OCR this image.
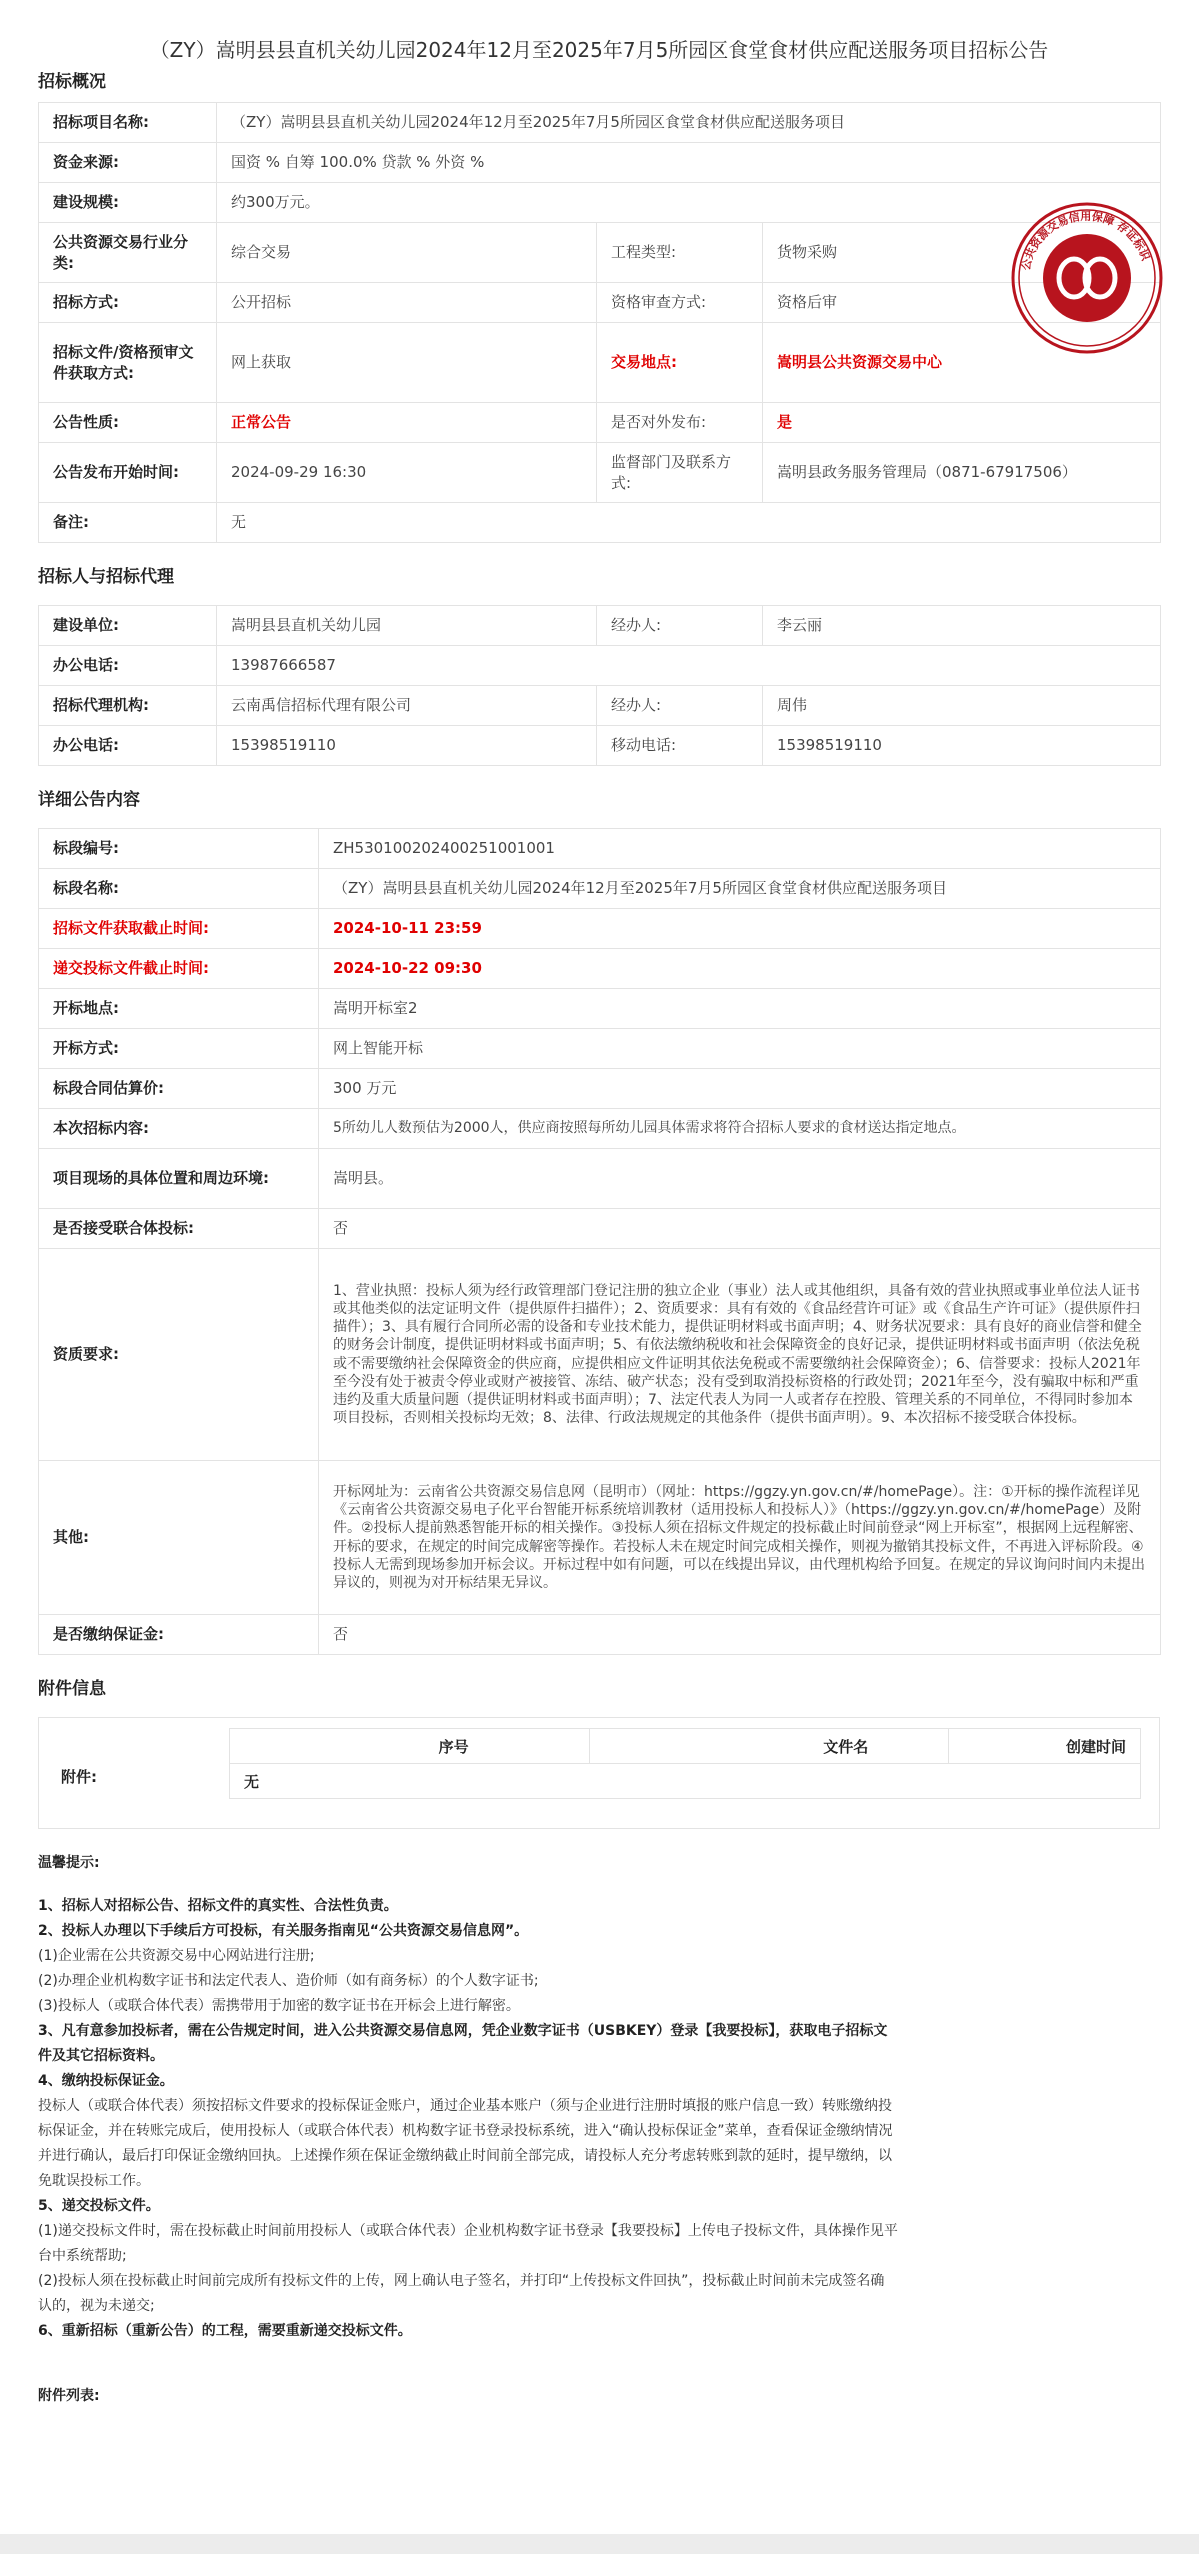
（ZY）嵩明县县直机关幼儿园2024年12月至2025年7月5所园区食堂食材供应配送服务项目招标公告
招标概况
招标项目名称:	（ZY）嵩明县县直机关幼儿园2024年12月至2025年7月5所园区食堂食材供应配送服务项目		
资金来源:	国资 % 自筹 100.0% 贷款 % 外资 %		
建设规模:	约300万元。		
公共资源交易行业分类:	综合交易	工程类型:	货物采购
招标方式:	公开招标	资格审查方式:	资格后审
招标文件/资格预审文件获取方式:	网上获取	交易地点:	嵩明县公共资源交易中心
公告性质:	正常公告	是否对外发布:	是
公告发布开始时间:	2024-09-29 16:30	监督部门及联系方式:	嵩明县政务服务管理局（0871-67917506）
备注:	无		
招标人与招标代理
建设单位:	嵩明县县直机关幼儿园	经办人:	李云丽
办公电话:	13987666587		
招标代理机构:	云南禹信招标代理有限公司	经办人:	周伟
办公电话:	15398519110	移动电话:	15398519110
详细公告内容
标段编号:	ZH5301002024002510010​01
标段名称:	（ZY）嵩明县县直机关幼儿园2024年12月至2025年7月5所园区食堂食材供应配送服务项目
招标文件获取截止时间:	2024-10-11 23:59
递交投标文件截止时间:	2024-10-22 09:30
开标地点:	嵩明开标室2
开标方式:	网上智能开标
标段合同估算价:	300 万元
本次招标内容:	5所幼儿人数预估为2000人，供应商按照每所幼儿园具体需求将符合招标人要求的食材送达指定地点。
项目现场的具体位置和周边环境:	嵩明县。
是否接受联合体投标:	否
资质要求:	1、营业执照：投标人须为经行政管理部门登记注册的独立企业（事业）法人或其他组织，具备有效的营业执照或事业单位法人证书或其他类似的法定证明文件（提供原件扫描件）；2、资质要求：具有有效的《食品经营许可证》或《食品生产许可证》（提供原件扫描件）；3、具有履行合同所必需的设备和专业技术能力，提供证明材料或书面声明；4、财务状况要求：具有良好的商业信誉和健全的财务会计制度，提供证明材料或书面声明；5、有依法缴纳税收和社会保障资金的良好记录，提供证明材料或书面声明（依法免税或不需要缴纳社会保障资金的供应商，应提供相应文件证明其依法免税或不需要缴纳社会保障资金）；6、信誉要求：投标人2021年至今没有处于被责令停业或财产被接管、冻结、破产状态；没有受到取消投标资格的行政处罚；2021年至今，没有骗取中标和严重违约及重大质量问题（提供证明材料或书面声明）；7、法定代表人为同一人或者存在控股、管理关系的不同单位，不得同时参加本项目投标，否则相关投标均无效；8、法律、行政法规规定的其他条件（提供书面声明）。9、本次招标不接受联合体投标。
其他:	开标网址为：云南省公共资源交易信息网（昆明市）（网址：https://ggzy.yn.gov.cn/#/homePage）。注：①开标的操作流程详见《云南省公共资源交易电子化平台智能开标系统培训教材（适用投标人和投标人）》（https://ggzy.yn.gov.cn/#/homePage）及附件。②投标人提前熟悉智能开标的相关操作。③投标人须在招标文件规定的投标截止时间前登录“网上开标室”，根据网上远程解密、开标的要求，在规定的时间完成解密等操作。若投标人未在规定时间完成相关操作，则视为撤销其投标文件，不再进入评标阶段。④投标人无需到现场参加开标会议。开标过程中如有问题，可以在线提出异议，由代理机构给予回复。在规定的异议询问时间内未提出异议的，则视为对开标结果无异议。
是否缴纳保证金:	否
附件信息
附件:
序号	文件名	创建时间
无

温馨提示:

1、招标人对招标公告、招标文件的真实性、合法性负责。

2、投标人办理以下手续后方可投标，有关服务指南见“公共资源交易信息网”。

(1)企业需在公共资源交易中心网站进行注册;

(2)办理企业机构数字证书和法定代表人、造价师（如有商务标）的个人数字证书;

(3)投标人（或联合体代表）需携带用于加密的数字证书在开标会上进行解密。

3、凡有意参加投标者，需在公告规定时间，进入公共资源交易信息网，凭企业数字证书（USBKEY）登录【我要投标】，获取电子招标文件及其它招标资料。

4、缴纳投标保证金。

投标人（或联合体代表）须按招标文件要求的投标保证金账户，通过企业基本账户（须与企业进行注册时填报的账户信息一致）转账缴纳投标保证金，并在转账完成后，使用投标人（或联合体代表）机构数字证书登录投标系统，进入“确认投标保证金”菜单，查看保证金缴纳情况并进行确认，最后打印保证金缴纳回执。上述操作须在保证金缴纳截止时间前全部完成，请投标人充分考虑转账到款的延时，提早缴纳，以免耽误投标工作。

5、递交投标文件。

(1)递交投标文件时，需在投标截止时间前用投标人（或联合体代表）企业机构数字证书登录【我要投标】上传电子投标文件，具体操作见平台中系统帮助;

(2)投标人须在投标截止时间前完成所有投标文件的上传，网上确认电子签名，并打印“上传投标文件回执”，投标截止时间前未完成签名确认的，视为未递交;

6、重新招标（重新公告）的工程，需要重新递交投标文件。

附件列表:

公共资源交易信用保障 存证标识
